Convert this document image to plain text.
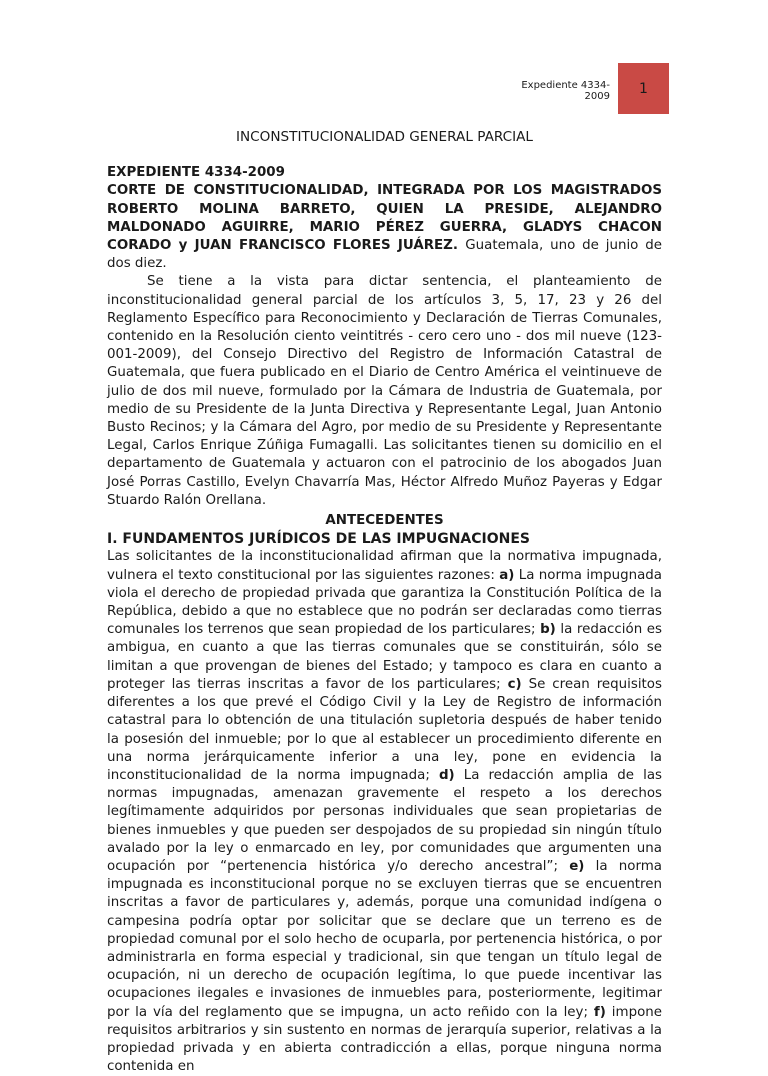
Expediente 4334-2009 1
INCONSTITUCIONALIDAD GENERAL PARCIAL
EXPEDIENTE 4334-2009

CORTE DE CONSTITUCIONALIDAD, INTEGRADA POR LOS MAGISTRADOS ROBERTO MOLINA BARRETO, QUIEN LA PRESIDE, ALEJANDRO MALDONADO AGUIRRE, MARIO PÉREZ GUERRA, GLADYS CHACON CORADO y JUAN FRANCISCO FLORES JUÁREZ. Guatemala, uno de junio de dos diez.

Se tiene a la vista para dictar sentencia, el planteamiento de inconstitucionalidad general parcial de los artículos 3, 5, 17, 23 y 26 del Reglamento Específico para Reconocimiento y Declaración de Tierras Comunales, contenido en la Resolución ciento veintitrés - cero cero uno - dos mil nueve (123-001-2009), del Consejo Directivo del Registro de Información Catastral de Guatemala, que fuera publicado en el Diario de Centro América el veintinueve de julio de dos mil nueve, formulado por la Cámara de Industria de Guatemala, por medio de su Presidente de la Junta Directiva y Representante Legal, Juan Antonio Busto Recinos; y la Cámara del Agro, por medio de su Presidente y Representante Legal, Carlos Enrique Zúñiga Fumagalli. Las solicitantes tienen su domicilio en el departamento de Guatemala y actuaron con el patrocinio de los abogados Juan José Porras Castillo, Evelyn Chavarría Mas, Héctor Alfredo Muñoz Payeras y Edgar Stuardo Ralón Orellana.

ANTECEDENTES
I. FUNDAMENTOS JURÍDICOS DE LAS IMPUGNACIONES

Las solicitantes de la inconstitucionalidad afirman que la normativa impugnada, vulnera el texto constitucional por las siguientes razones: a) La norma impugnada viola el derecho de propiedad privada que garantiza la Constitución Política de la República, debido a que no establece que no podrán ser declaradas como tierras comunales los terrenos que sean propiedad de los particulares; b) la redacción es ambigua, en cuanto a que las tierras comunales que se constituirán, sólo se limitan a que provengan de bienes del Estado; y tampoco es clara en cuanto a proteger las tierras inscritas a favor de los particulares; c) Se crean requisitos diferentes a los que prevé el Código Civil y la Ley de Registro de información catastral para lo obtención de una titulación supletoria después de haber tenido la posesión del inmueble; por lo que al establecer un procedimiento diferente en una norma jerárquicamente inferior a una ley, pone en evidencia la inconstitucionalidad de la norma impugnada; d) La redacción amplia de las normas impugnadas, amenazan gravemente el respeto a los derechos legítimamente adquiridos por personas individuales que sean propietarias de bienes inmuebles y que pueden ser despojados de su propiedad sin ningún título avalado por la ley o enmarcado en ley, por comunidades que argumenten una ocupación por “pertenencia histórica y/o derecho ancestral”; e) la norma impugnada es inconstitucional porque no se excluyen tierras que se encuentren inscritas a favor de particulares y, además, porque una comunidad indígena o campesina podría optar por solicitar que se declare que un terreno es de propiedad comunal por el solo hecho de ocuparla, por pertenencia histórica, o por administrarla en forma especial y tradicional, sin que tengan un título legal de ocupación, ni un derecho de ocupación legítima, lo que puede incentivar las ocupaciones ilegales e invasiones de inmuebles para, posteriormente, legitimar por la vía del reglamento que se impugna, un acto reñido con la ley; f) impone requisitos arbitrarios y sin sustento en normas de jerarquía superior, relativas a la propiedad privada y en abierta contradicción a ellas, porque ninguna norma contenida en
